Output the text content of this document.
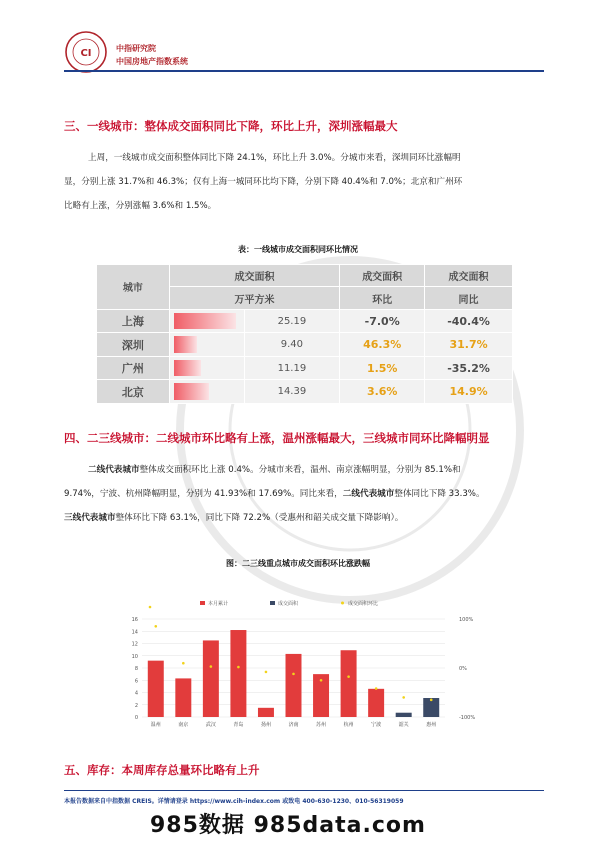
CI	中指研究院
中国房地产指数系统
三、一线城市：整体成交面积同比下降，环比上升，深圳涨幅最大
上周，一线城市成交面积整体同比下降 24.1%，环比上升 3.0%。分城市来看，深圳同环比涨幅明
显，分别上涨 31.7%和 46.3%；仅有上海一城同环比均下降，分别下降 40.4%和 7.0%；北京和广州环
比略有上涨，分别涨幅 3.6%和 1.5%。
表：一线城市成交面积同环比情况
城市	成交面积		成交面积	成交面积
	万平方米		环比	同比
上海		25.19	-7.0%	-40.4%
深圳		9.40	46.3%	31.7%
广州		11.19	1.5%	-35.2%
北京		14.39	3.6%	14.9%
四、二三线城市：二线城市环比略有上涨，温州涨幅最大，三线城市同环比降幅明显
二线代表城市整体成交面积环比上涨 0.4%。分城市来看，温州、南京涨幅明显，分别为 85.1%和
9.74%，宁波、杭州降幅明显，分别为 41.93%和 17.69%。同比来看，二线代表城市整体同比下降 33.3%。
三线代表城市整体环比下降 63.1%，同比下降 72.2%（受惠州和韶关成交量下降影响）。
图：二三线重点城市成交面积环比涨跌幅
0
2
4
6
8
10
12
14
16	100%
0%
-100%
温州	南京	武汉	青岛	扬州	济南	苏州	杭州	宁波	韶关	惠州
本月累计	成交面积	成交面积环比
五、库存：本周库存总量环比略有上升
本报告数据来自中指数据 CREIS。详情请登录 https://www.cih-index.com 或致电 400-630-1230、010-56319059
985数据 985data.com
